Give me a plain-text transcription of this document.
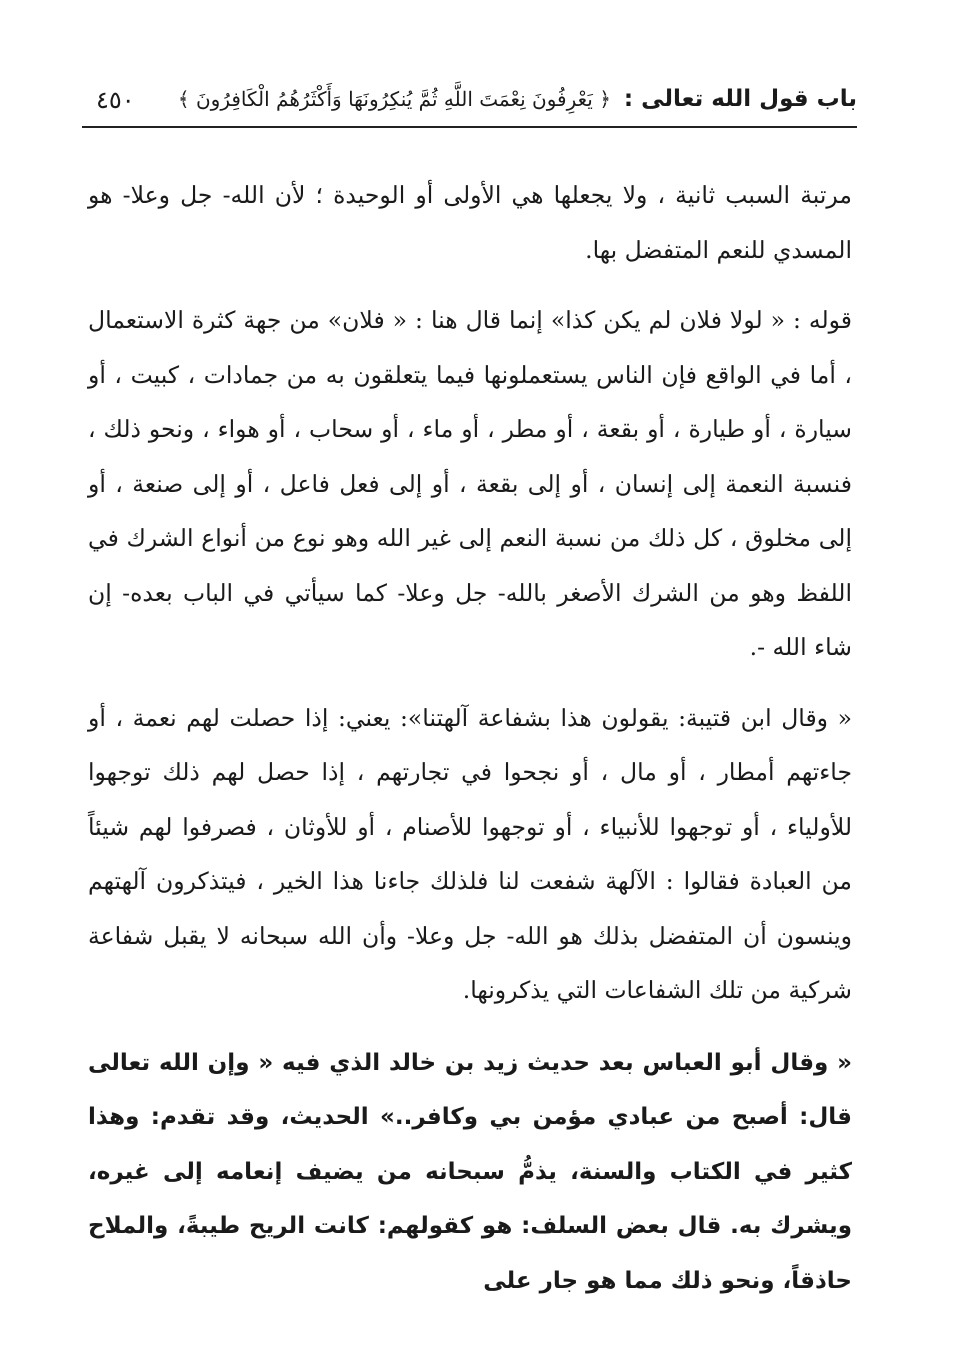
باب قول الله تعالى : ﴿ يَعْرِفُونَ نِعْمَتَ اللَّهِ ثُمَّ يُنكِرُونَهَا وَأَكْثَرُهُمُ الْكَافِرُونَ ﴾
٤٥٠

مرتبة السبب ثانية ، ولا يجعلها هي الأولى أو الوحيدة ؛ لأن الله- جل وعلا- هو المسدي للنعم المتفضل بها.

قوله : « لولا فلان لم يكن كذا» إنما قال هنا : « فلان» من جهة كثرة الاستعمال ، أما في الواقع فإن الناس يستعملونها فيما يتعلقون به من جمادات ، كبيت ، أو سيارة ، أو طيارة ، أو بقعة ، أو مطر ، أو ماء ، أو سحاب ، أو هواء ، ونحو ذلك ، فنسبة النعمة إلى إنسان ، أو إلى بقعة ، أو إلى فعل فاعل ، أو إلى صنعة ، أو إلى مخلوق ، كل ذلك من نسبة النعم إلى غير الله وهو نوع من أنواع الشرك في اللفظ وهو من الشرك الأصغر بالله- جل وعلا- كما سيأتي في الباب بعده- إن شاء الله -.

« وقال ابن قتيبة: يقولون هذا بشفاعة آلهتنا»: يعني: إذا حصلت لهم نعمة ، أو جاءتهم أمطار ، أو مال ، أو نجحوا في تجارتهم ، إذا حصل لهم ذلك توجهوا للأولياء ، أو توجهوا للأنبياء ، أو توجهوا للأصنام ، أو للأوثان ، فصرفوا لهم شيئاً من العبادة فقالوا : الآلهة شفعت لنا فلذلك جاءنا هذا الخير ، فيتذكرون آلهتهم وينسون أن المتفضل بذلك هو الله- جل وعلا- وأن الله سبحانه لا يقبل شفاعة شركية من تلك الشفاعات التي يذكرونها.

« وقال أبو العباس بعد حديث زيد بن خالد الذي فيه « وإن الله تعالى قال: أصبح من عبادي مؤمن بي وكافر..» الحديث، وقد تقدم: وهذا كثير في الكتاب والسنة، يذمُّ سبحانه من يضيف إنعامه إلى غيره، ويشرك به. قال بعض السلف: هو كقولهم: كانت الريح طيبةً، والملاح حاذقاً، ونحو ذلك مما هو جار على
